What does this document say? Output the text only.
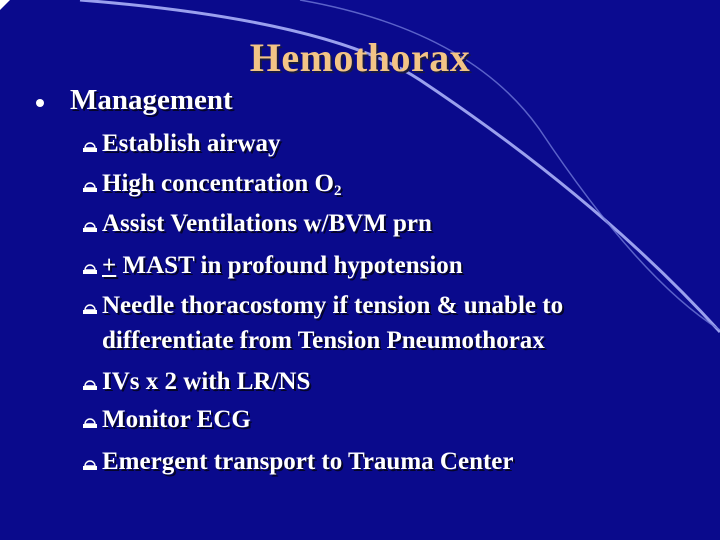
Hemothorax
Management
Establish airway
High concentration $O_2$
Assist Ventilations w/BVM prn
+ MAST in profound hypotension
Needle thoracostomy if tension & unable to
differentiate from Tension Pneumothorax
IVs x 2 with LR/NS
Monitor ECG
Emergent transport to Trauma Center
